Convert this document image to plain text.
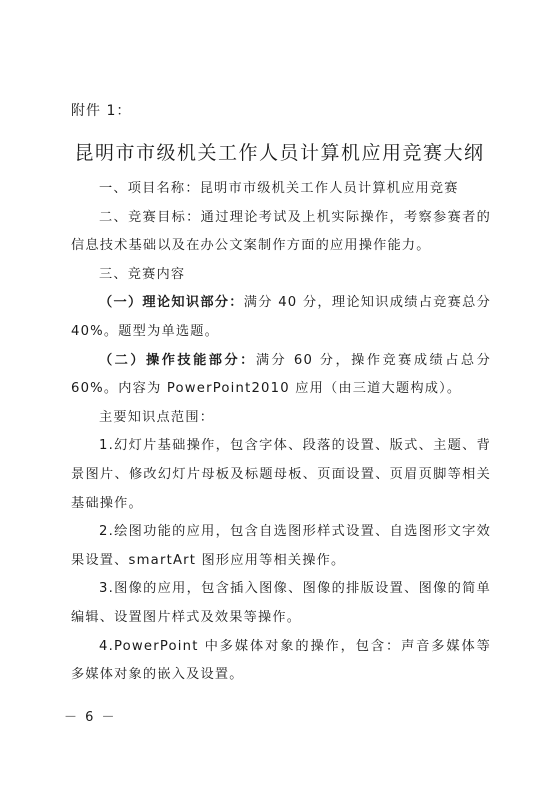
附件 1：
昆明市市级机关工作人员计算机应用竞赛大纲

一、项目名称：昆明市市级机关工作人员计算机应用竞赛

二、竞赛目标：通过理论考试及上机实际操作，考察参赛者的信息技术基础以及在办公文案制作方面的应用操作能力。

三、竞赛内容

（一）理论知识部分：满分 40 分，理论知识成绩占竞赛总分 40%。题型为单选题。

（二）操作技能部分：满分 60 分，操作竞赛成绩占总分 60%。内容为 PowerPoint2010 应用（由三道大题构成）。

主要知识点范围：

1.幻灯片基础操作，包含字体、段落的设置、版式、主题、背景图片、修改幻灯片母板及标题母板、页面设置、页眉页脚等相关基础操作。

2.绘图功能的应用，包含自选图形样式设置、自选图形文字效果设置、smartArt 图形应用等相关操作。

3.图像的应用，包含插入图像、图像的排版设置、图像的简单编辑、设置图片样式及效果等操作。

4.PowerPoint 中多媒体对象的操作，包含：声音多媒体等多媒体对象的嵌入及设置。

－ 6 －
